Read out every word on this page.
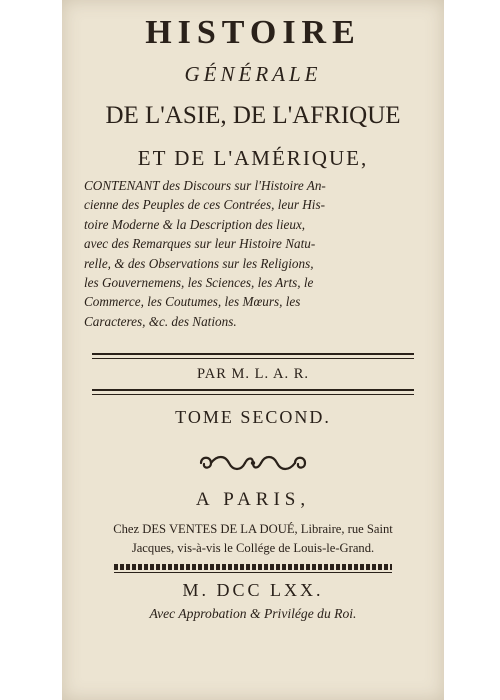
HISTOIRE
GÉNÉRALE
DE L'ASIE, DE L'AFRIQUE
ET DE L'AMÉRIQUE,
CONTENANT des Discours sur l'Histoire An-
cienne des Peuples de ces Contrées, leur His-
toire Moderne & la Description des lieux,
avec des Remarques sur leur Histoire Natu-
relle, & des Observations sur les Religions,
les Gouvernemens, les Sciences, les Arts, le
Commerce, les Coutumes, les Mœurs, les
Caracteres, &c. des Nations.
PAR M. L. A. R.
TOME SECOND.
A PARIS,
Chez DES VENTES DE LA DOUÉ, Libraire, rue Saint
Jacques, vis-à-vis le Collége de Louis-le-Grand.
M. DCC LXX.
Avec Approbation & Privilége du Roi.
